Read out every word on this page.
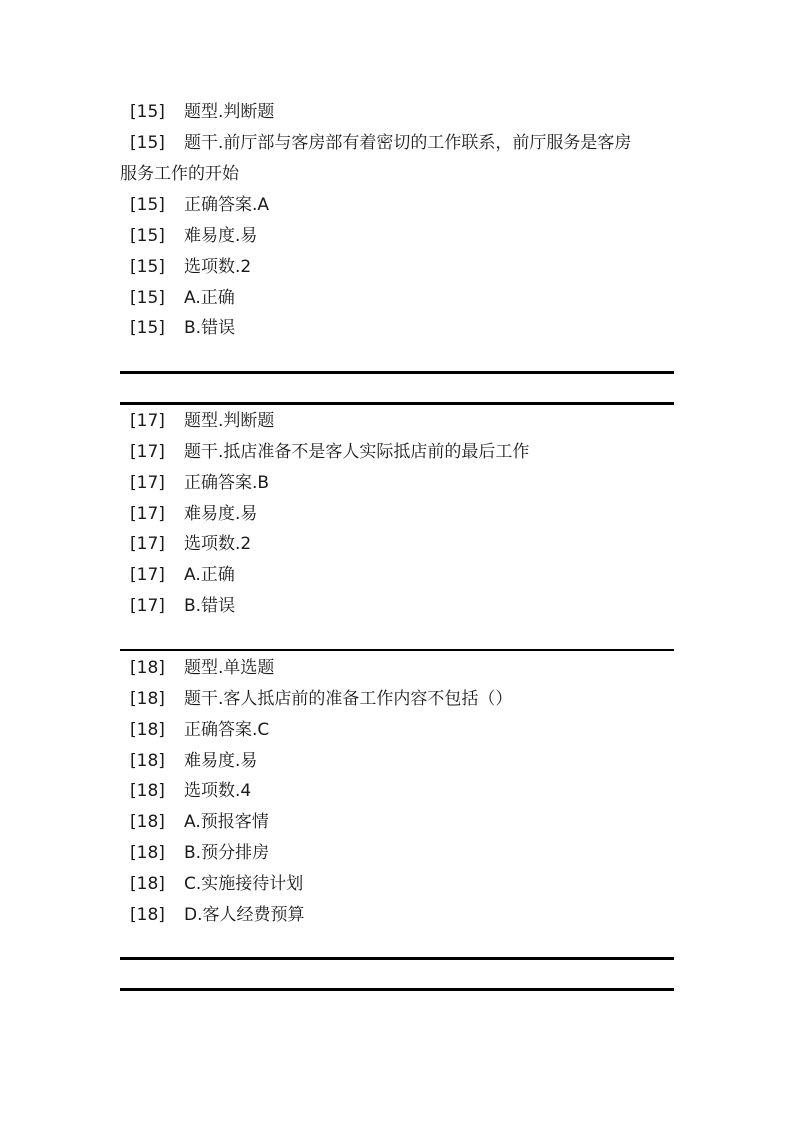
[15] 题型.判断题
[15] 题干.前厅部与客房部有着密切的工作联系，前厅服务是客房
服务工作的开始
[15] 正确答案.A
[15] 难易度.易
[15] 选项数.2
[15] A.正确
[15] B.错误
[17] 题型.判断题
[17] 题干.抵店准备不是客人实际抵店前的最后工作
[17] 正确答案.B
[17] 难易度.易
[17] 选项数.2
[17] A.正确
[17] B.错误
[18] 题型.单选题
[18] 题干.客人抵店前的准备工作内容不包括（）
[18] 正确答案.C
[18] 难易度.易
[18] 选项数.4
[18] A.预报客情
[18] B.预分排房
[18] C.实施接待计划
[18] D.客人经费预算
